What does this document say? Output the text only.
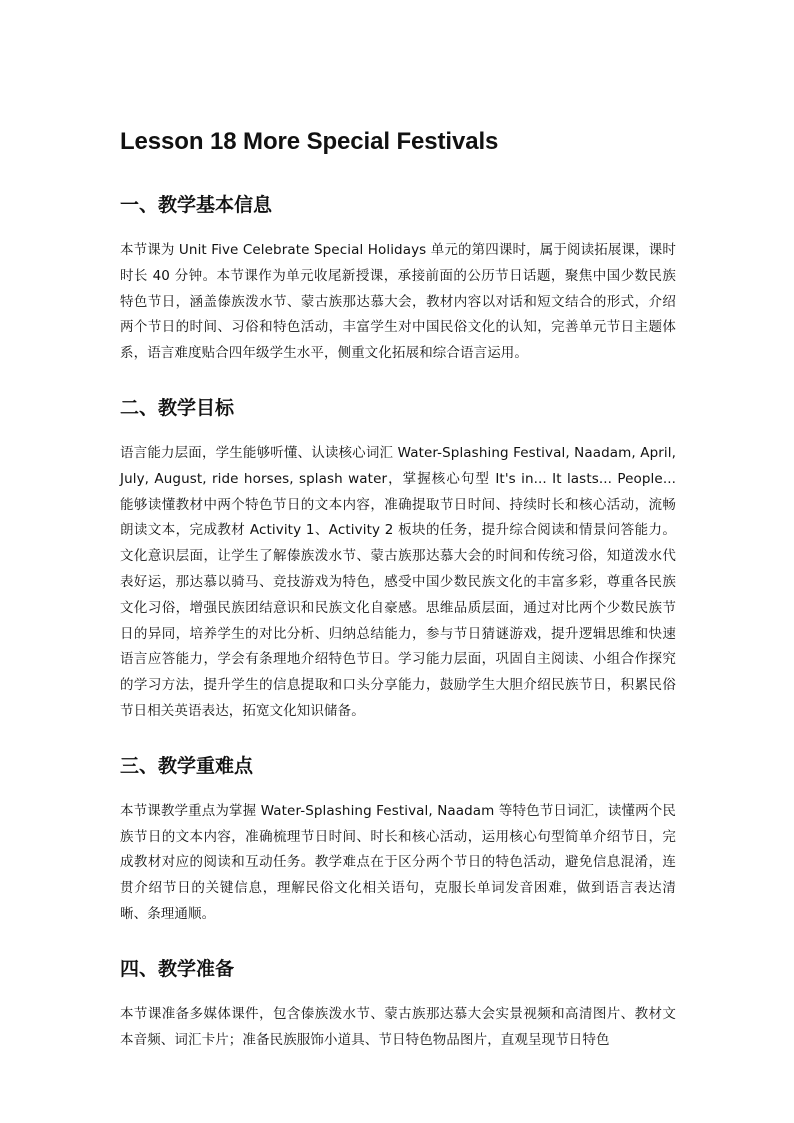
Lesson 18 More Special Festivals
一、教学基本信息

本节课为 Unit Five Celebrate Special Holidays 单元的第四课时，属于阅读拓展课，课时时长 40 分钟。本节课作为单元收尾新授课，承接前面的公历节日话题，聚焦中国少数民族特色节日，涵盖傣族泼水节、蒙古族那达慕大会，教材内容以对话和短文结合的形式，介绍两个节日的时间、习俗和特色活动，丰富学生对中国民俗文化的认知，完善单元节日主题体系，语言难度贴合四年级学生水平，侧重文化拓展和综合语言运用。

二、教学目标

语言能力层面，学生能够听懂、认读核心词汇 Water-Splashing Festival, Naadam, April, July, August, ride horses, splash water，掌握核心句型 It's in... It lasts... People... 能够读懂教材中两个特色节日的文本内容，准确提取节日时间、持续时长和核心活动，流畅朗读文本，完成教材 Activity 1、Activity 2 板块的任务，提升综合阅读和情景问答能力。文化意识层面，让学生了解傣族泼水节、蒙古族那达慕大会的时间和传统习俗，知道泼水代表好运，那达慕以骑马、竞技游戏为特色，感受中国少数民族文化的丰富多彩，尊重各民族文化习俗，增强民族团结意识和民族文化自豪感。思维品质层面，通过对比两个少数民族节日的异同，培养学生的对比分析、归纳总结能力，参与节日猜谜游戏，提升逻辑思维和快速语言应答能力，学会有条理地介绍特色节日。学习能力层面，巩固自主阅读、小组合作探究的学习方法，提升学生的信息提取和口头分享能力，鼓励学生大胆介绍民族节日，积累民俗节日相关英语表达，拓宽文化知识储备。

三、教学重难点

本节课教学重点为掌握 Water-Splashing Festival, Naadam 等特色节日词汇，读懂两个民族节日的文本内容，准确梳理节日时间、时长和核心活动，运用核心句型简单介绍节日，完成教材对应的阅读和互动任务。教学难点在于区分两个节日的特色活动，避免信息混淆，连贯介绍节日的关键信息，理解民俗文化相关语句，克服长单词发音困难，做到语言表达清晰、条理通顺。

四、教学准备

本节课准备多媒体课件，包含傣族泼水节、蒙古族那达慕大会实景视频和高清图片、教材文本音频、词汇卡片；准备民族服饰小道具、节日特色物品图片，直观呈现节日特色
